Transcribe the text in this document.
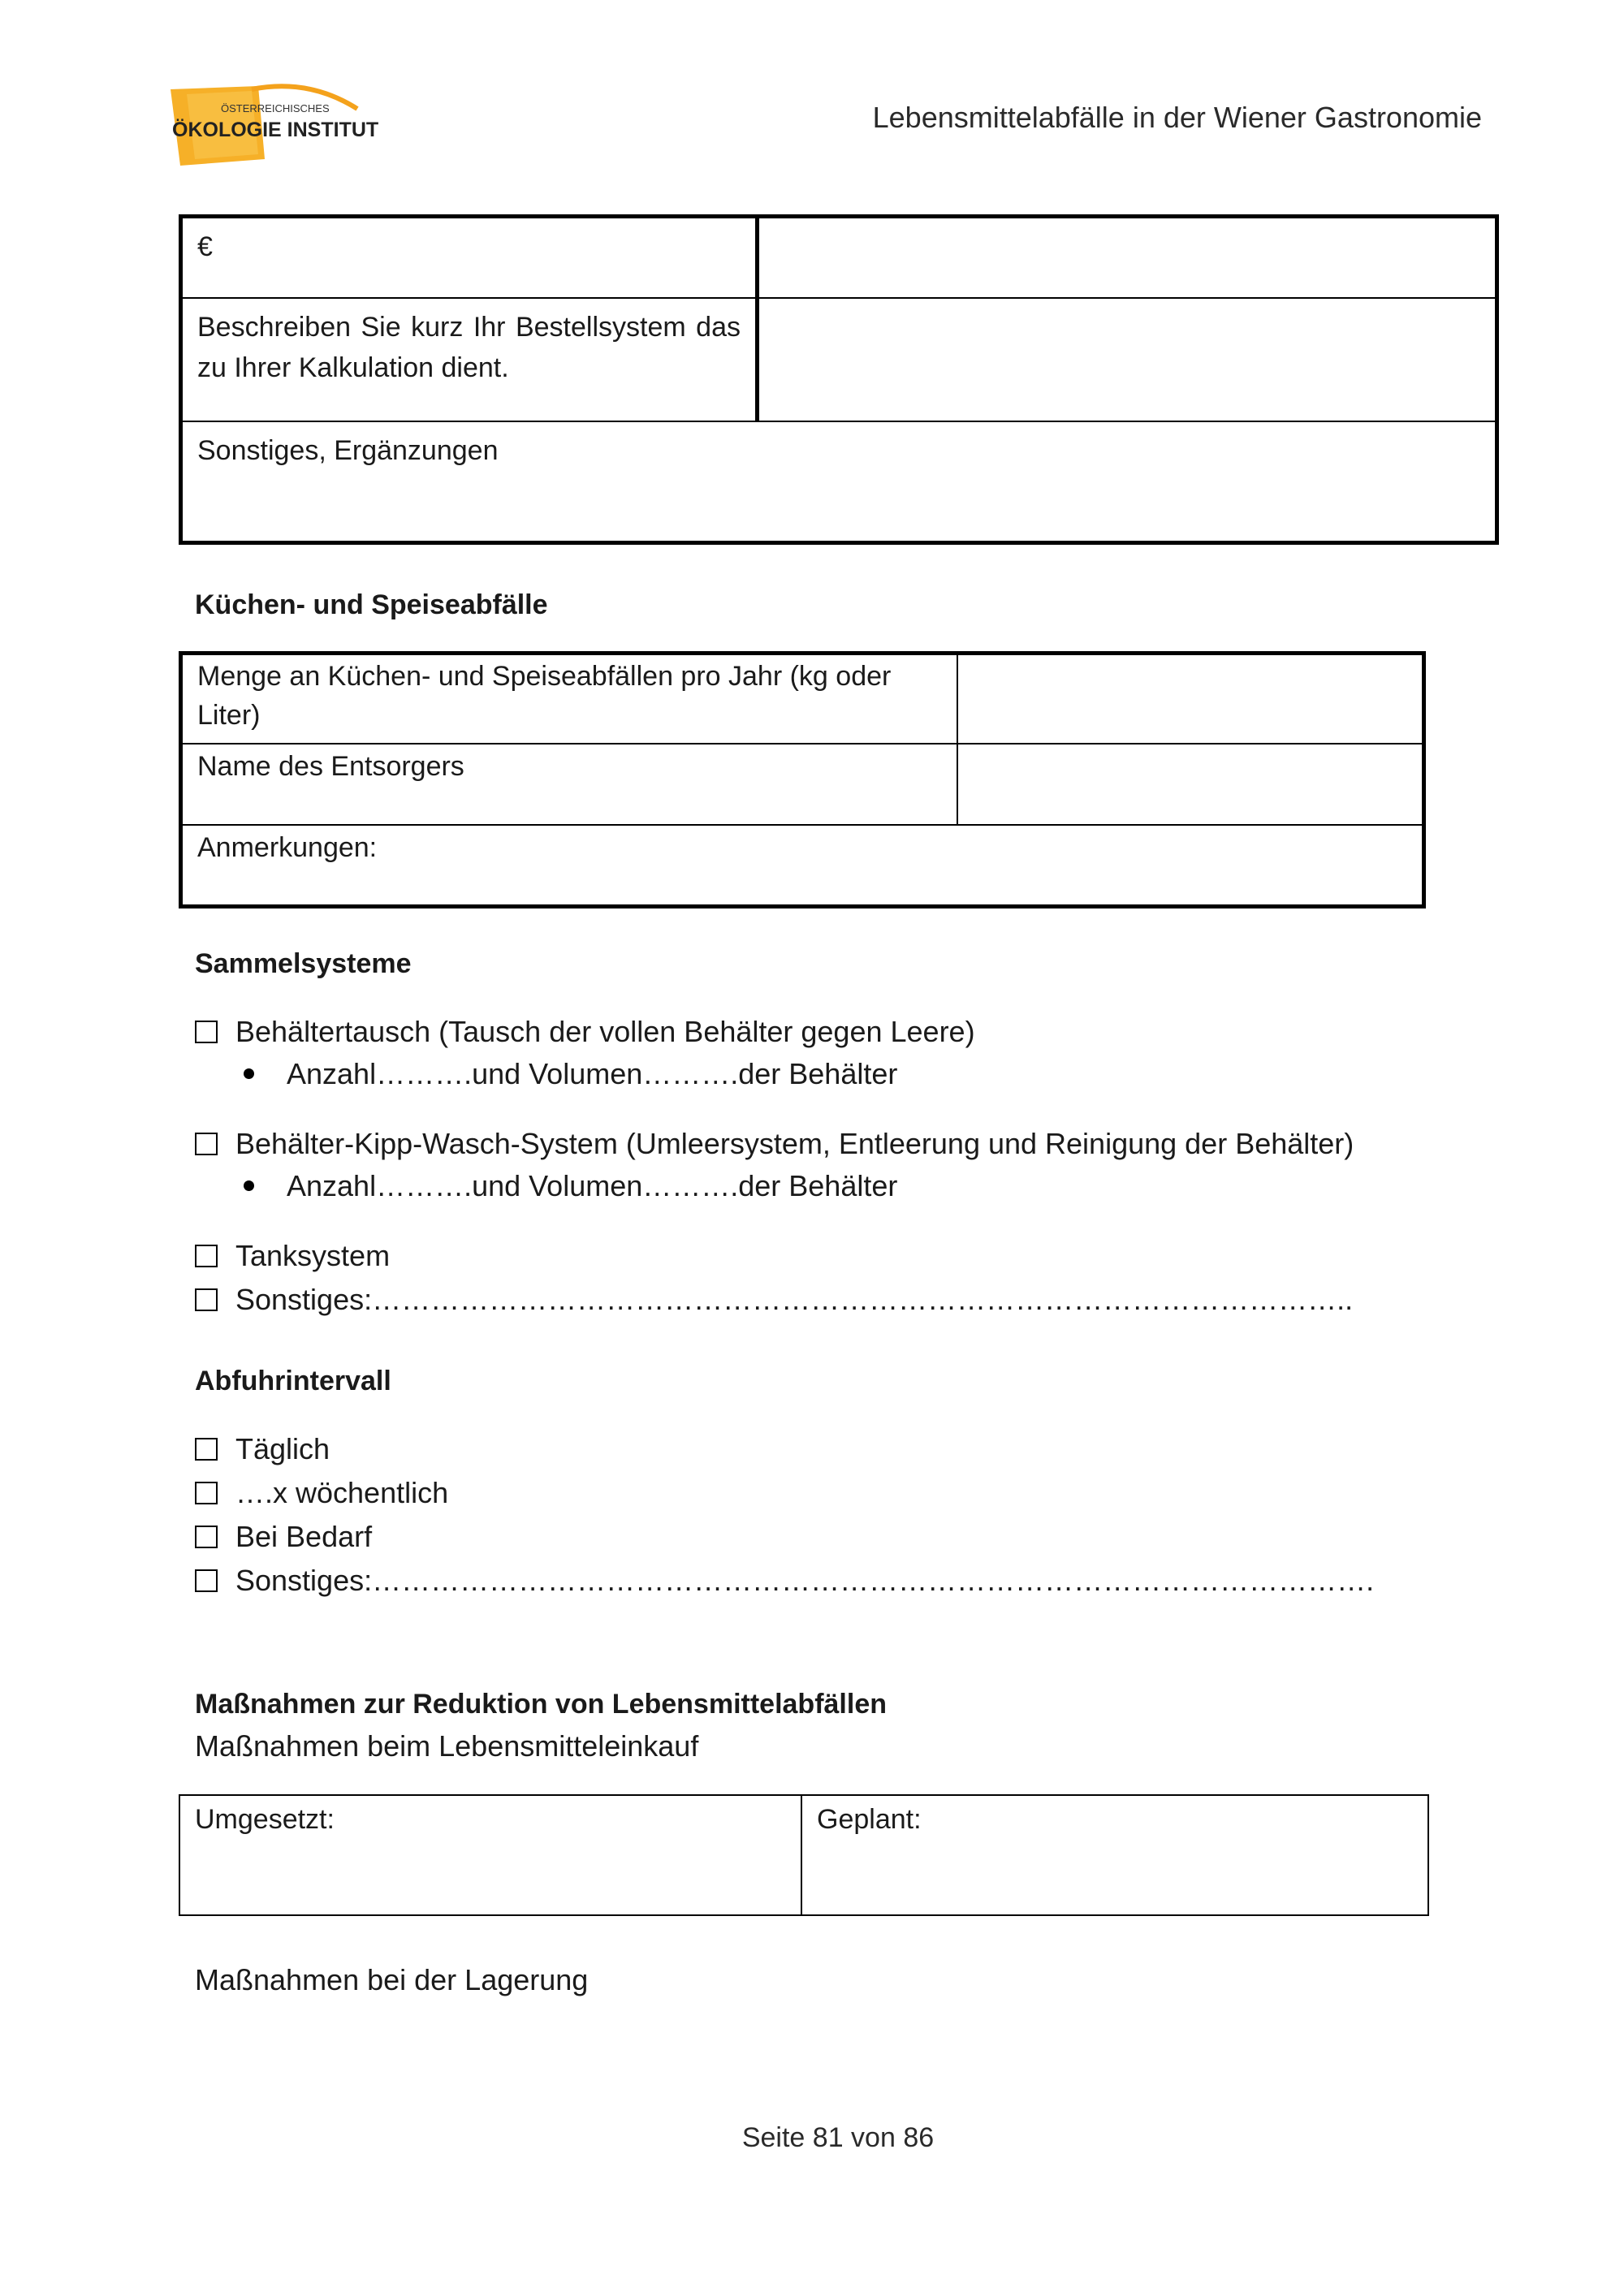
ÖSTERREICHISCHES
ÖKOLOGIE INSTITUT	Lebensmittelabfälle in der Wiener Gastronomie
€	
Beschreiben Sie kurz Ihr Bestellsystem das zu Ihrer Kalkulation dient.	
Sonstiges, Ergänzungen	
Küchen- und Speiseabfälle
Menge an Küchen- und Speiseabfällen pro Jahr (kg oder Liter)	
Name des Entsorgers	
Anmerkungen:	
Sammelsysteme
Behältertausch (Tausch der vollen Behälter gegen Leere)
Anzahl……….und Volumen……….der Behälter
Behälter-Kipp-Wasch-System (Umleersystem, Entleerung und Reinigung der Behälter)
Anzahl……….und Volumen……….der Behälter
Tanksystem
Sonstiges:………………………………………………………………………………………..
Abfuhrintervall
Täglich
….x wöchentlich
Bei Bedarf
Sonstiges:………………………………………………………………………………………….
Maßnahmen zur Reduktion von Lebensmittelabfällen
Maßnahmen beim Lebensmitteleinkauf
Umgesetzt:	Geplant:
Maßnahmen bei der Lagerung
Seite 81 von 86
